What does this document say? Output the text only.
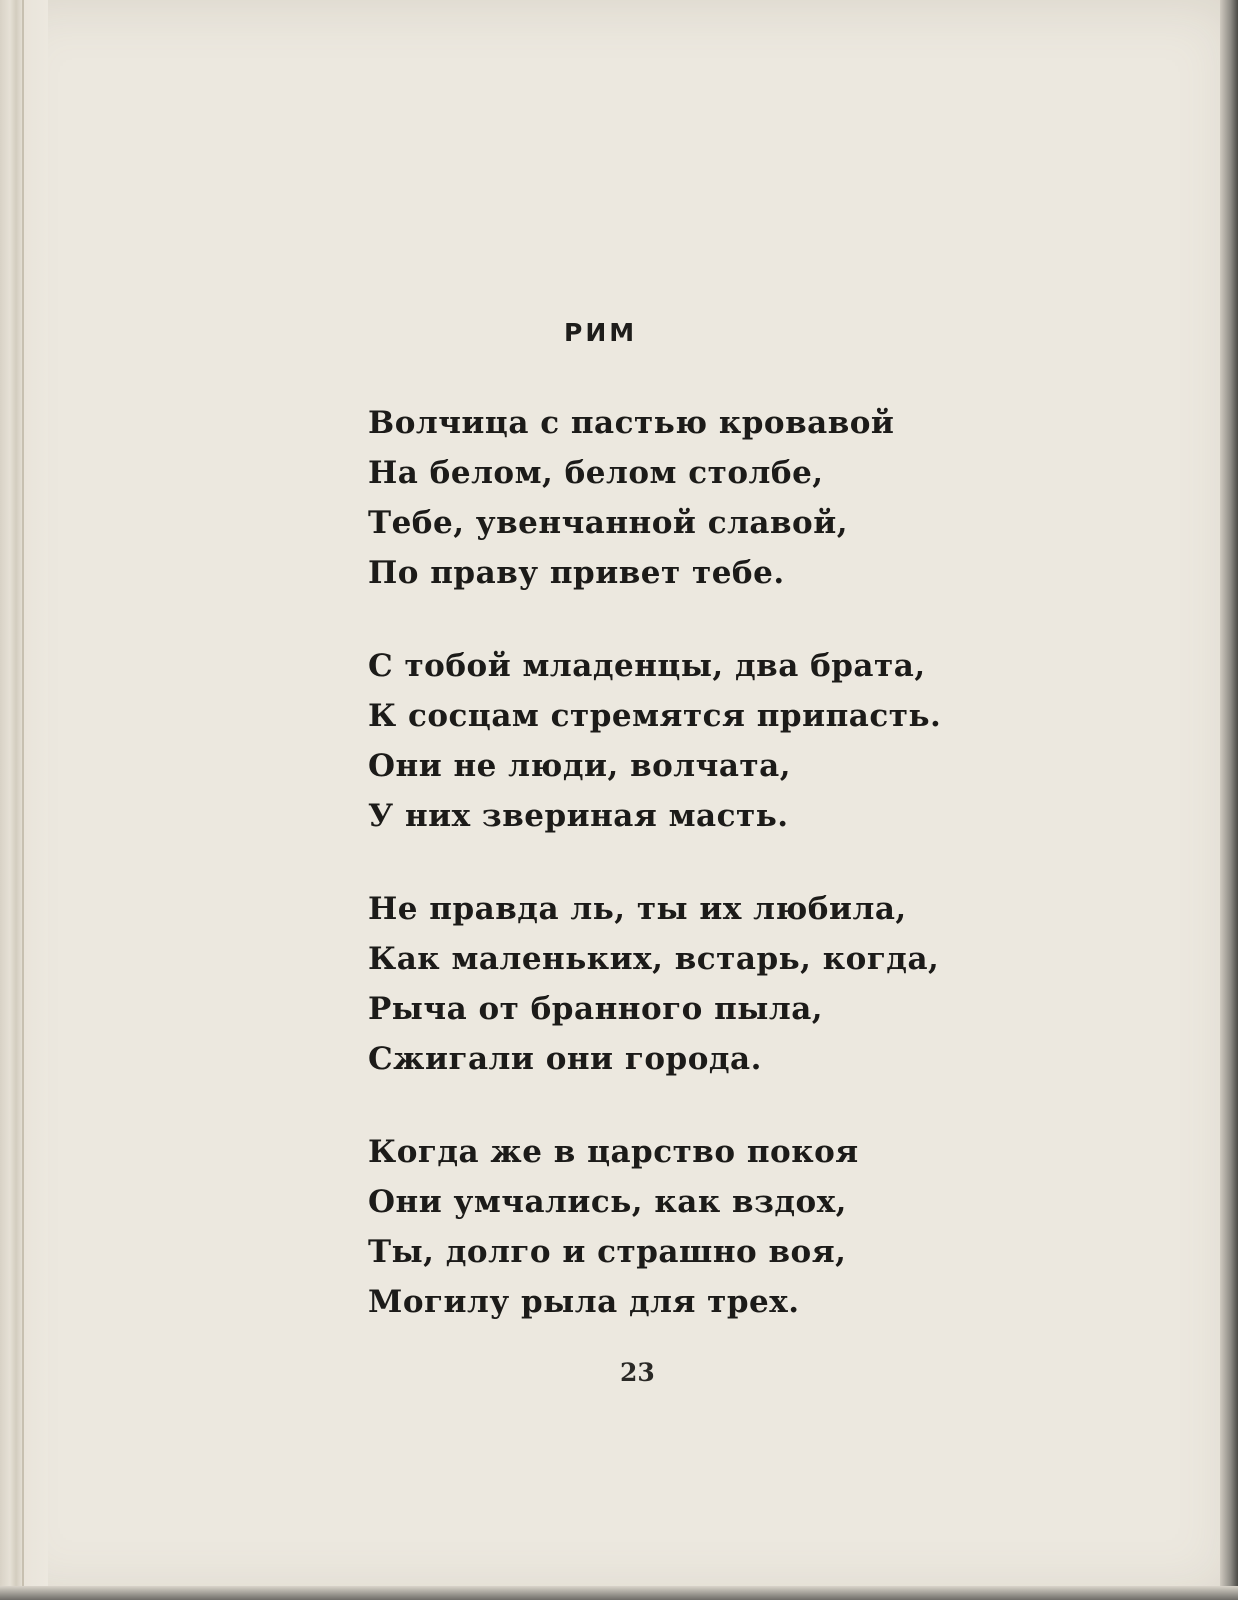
РИМ
Волчица с пастью кровавой
На белом, белом столбе,
Тебе, увенчанной славой,
По праву привет тебе.
С тобой младенцы, два брата,
К сосцам стремятся припасть.
Они не люди, волчата,
У них звериная масть.
Не правда ль, ты их любила,
Как маленьких, встарь, когда,
Рыча от бранного пыла,
Сжигали они города.
Когда же в царство покоя
Они умчались, как вздох,
Ты, долго и страшно воя,
Могилу рыла для трех.
23
